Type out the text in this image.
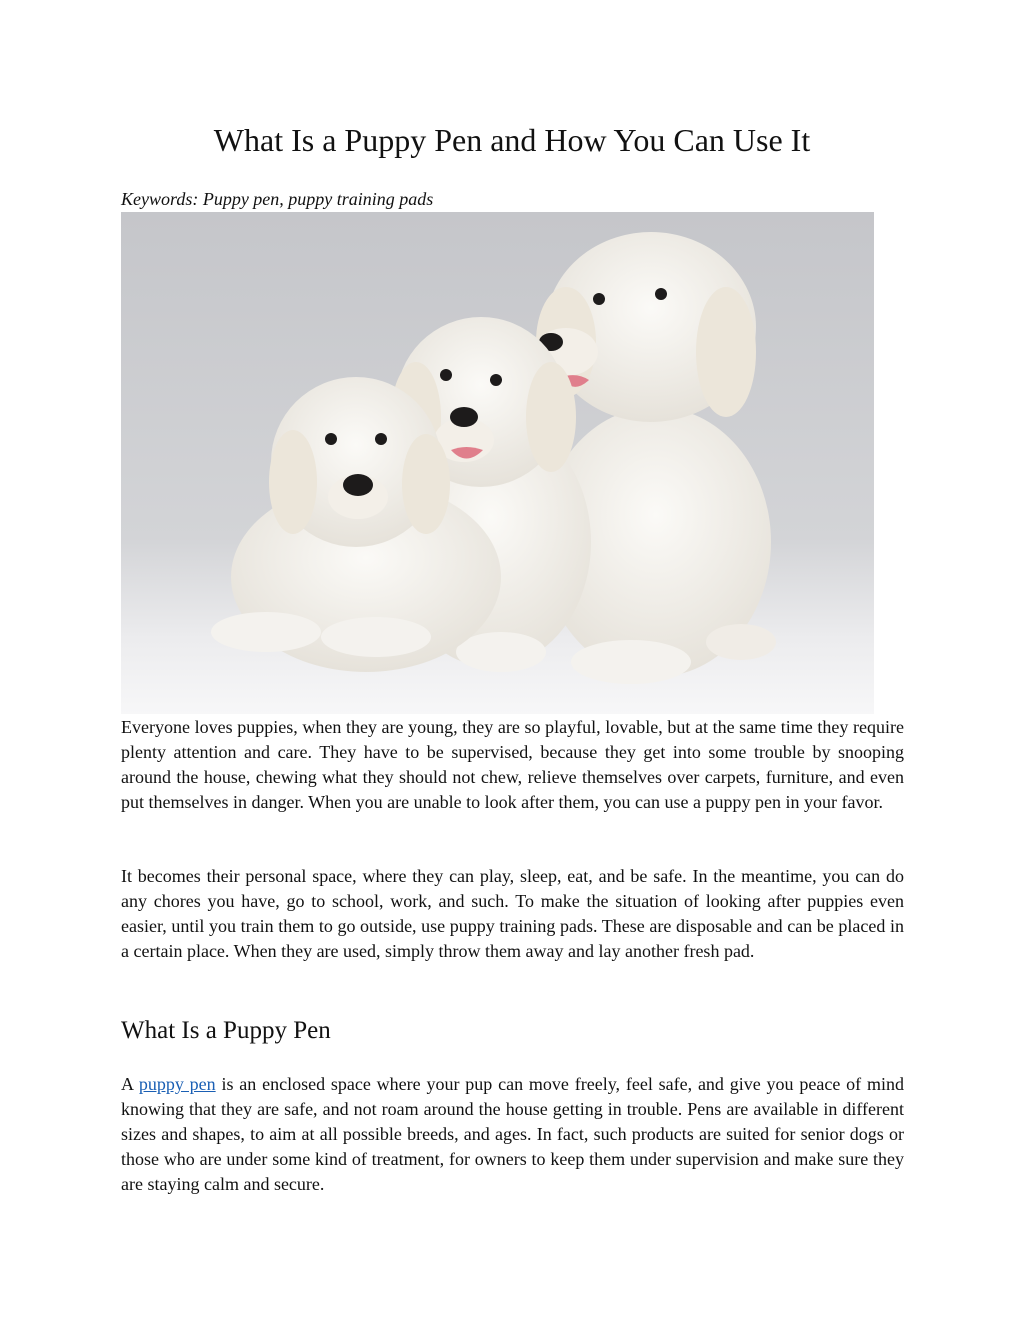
What Is a Puppy Pen and How You Can Use It

Keywords: Puppy pen, puppy training pads

Everyone loves puppies, when they are young, they are so playful, lovable, but at the same time they require plenty attention and care. They have to be supervised, because they get into some trouble by snooping around the house, chewing what they should not chew, relieve themselves over carpets, furniture, and even put themselves in danger. When you are unable to look after them, you can use a puppy pen in your favor.

It becomes their personal space, where they can play, sleep, eat, and be safe. In the meantime, you can do any chores you have, go to school, work, and such. To make the situation of looking after puppies even easier, until you train them to go outside, use puppy training pads. These are disposable and can be placed in a certain place. When they are used, simply throw them away and lay another fresh pad.

What Is a Puppy Pen

A puppy pen is an enclosed space where your pup can move freely, feel safe, and give you peace of mind knowing that they are safe, and not roam around the house getting in trouble. Pens are available in different sizes and shapes, to aim at all possible breeds, and ages. In fact, such products are suited for senior dogs or those who are under some kind of treatment, for owners to keep them under supervision and make sure they are staying calm and secure.
